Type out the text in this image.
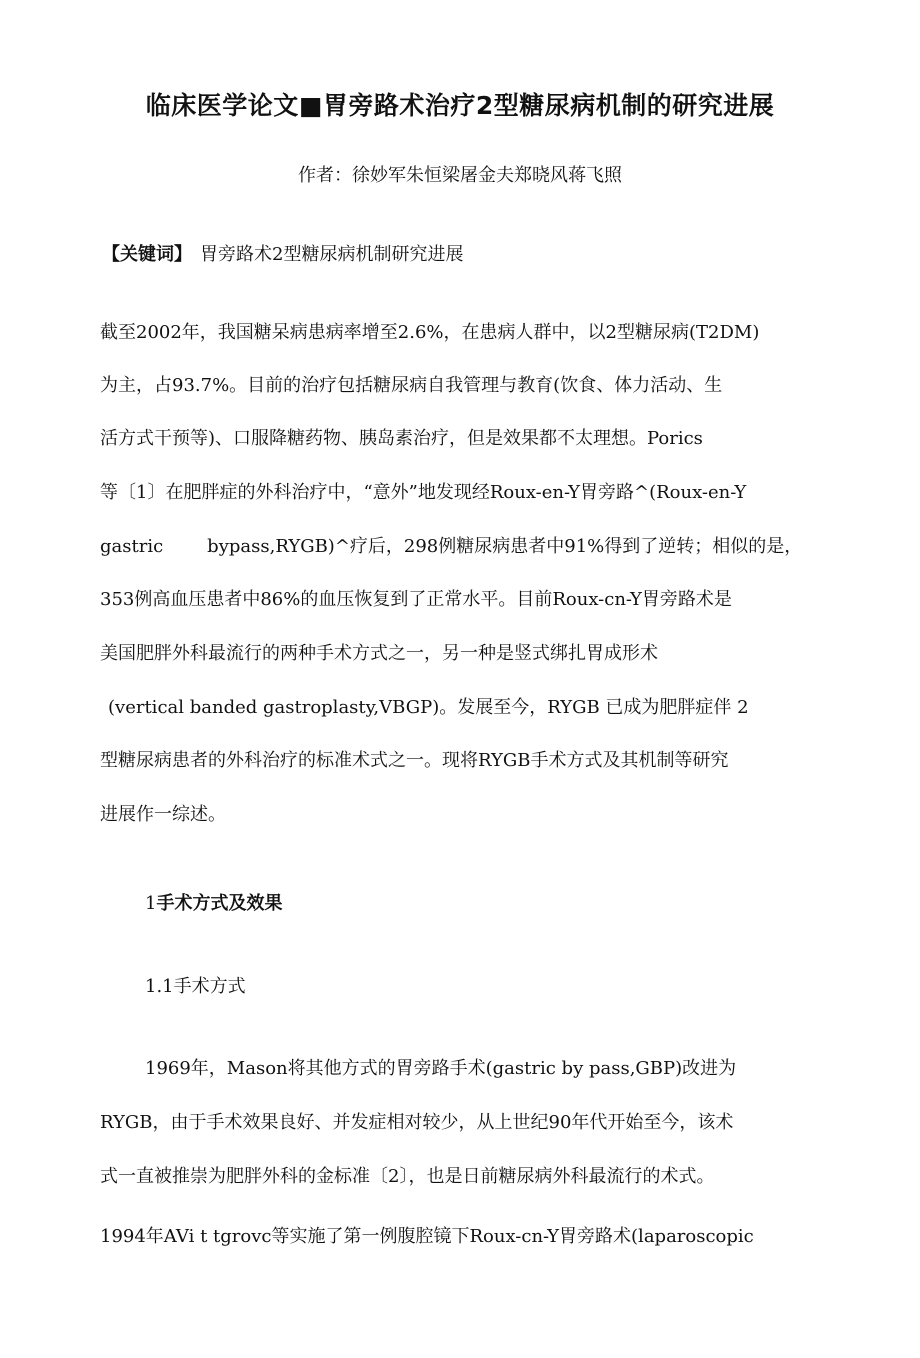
临床医学论文■胃旁路术治疗2型糖尿病机制的研究进展
作者：徐妙军朱恒梁屠金夫郑晓风蒋飞照
【关键词】 胃旁路术2型糖尿病机制研究进展
截至2002年，我国糖呆病患病率增至2.6%，在患病人群中，以2型糖尿病(T2DM)
为主，占93.7%。目前的治疗包括糖尿病自我管理与教育(饮食、体力活动、生
活方式干预等)、口服降糖药物、胰岛素治疗，但是效果都不太理想。Porics
等〔1〕在肥胖症的外科治疗中，“意外”地发现经Roux-en-Y胃旁路^(Roux-en-Y
gastric bypass,RYGB)^疗后，298例糖尿病患者中91%得到了逆转；相似的是，
353例高血压患者中86%的血压恢复到了正常水平。目前Roux-cn-Y胃旁路术是
美国肥胖外科最流行的两种手术方式之一，另一种是竖式绑扎胃成形术
(vertical banded gastroplasty,VBGP)。发展至今，RYGB 已成为肥胖症伴 2
型糖尿病患者的外科治疗的标准术式之一。现将RYGB手术方式及其机制等研究
进展作一综述。
1手术方式及效果
1.1手术方式
1969年，Mason将其他方式的胃旁路手术(gastric by pass,GBP)改进为
RYGB，由于手术效果良好、并发症相对较少，从上世纪90年代开始至今，该术
式一直被推崇为肥胖外科的金标准〔2〕，也是日前糖尿病外科最流行的术式。
1994年AVi t tgrovc等实施了第一例腹腔镜下Roux-cn-Y胃旁路术(laparoscopic
